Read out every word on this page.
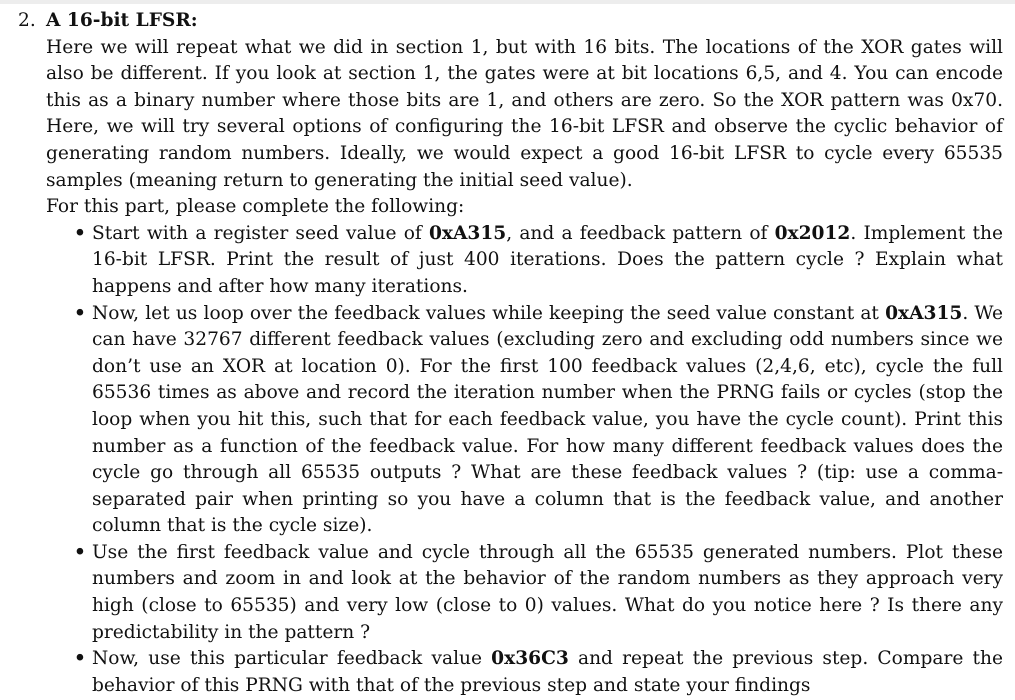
2. A 16-bit LFSR:

Here we will repeat what we did in section 1, but with 16 bits. The locations of the XOR gates will also be different. If you look at section 1, the gates were at bit locations 6,5, and 4. You can encode this as a binary number where those bits are 1, and others are zero. So the XOR pattern was 0x70. Here, we will try several options of configuring the 16-bit LFSR and observe the cyclic behavior of generating random numbers. Ideally, we would expect a good 16-bit LFSR to cycle every 65535 samples (meaning return to generating the initial seed value).

For this part, please complete the following:

• Start with a register seed value of 0xA315, and a feedback pattern of 0x2012. Implement the 16-bit LFSR. Print the result of just 400 iterations. Does the pattern cycle ? Explain what happens and after how many iterations.
• Now, let us loop over the feedback values while keeping the seed value constant at 0xA315. We can have 32767 different feedback values (excluding zero and excluding odd numbers since we don’t use an XOR at location 0). For the first 100 feedback values (2,4,6, etc), cycle the full 65536 times as above and record the iteration number when the PRNG fails or cycles (stop the loop when you hit this, such that for each feedback value, you have the cycle count). Print this number as a function of the feedback value. For how many different feedback values does the cycle go through all 65535 outputs ? What are these feedback values ? (tip: use a comma-separated pair when printing so you have a column that is the feedback value, and another column that is the cycle size).
• Use the first feedback value and cycle through all the 65535 generated numbers. Plot these numbers and zoom in and look at the behavior of the random numbers as they approach very high (close to 65535) and very low (close to 0) values. What do you notice here ? Is there any predictability in the pattern ?
• Now, use this particular feedback value 0x36C3 and repeat the previous step. Compare the behavior of this PRNG with that of the previous step and state your findings
